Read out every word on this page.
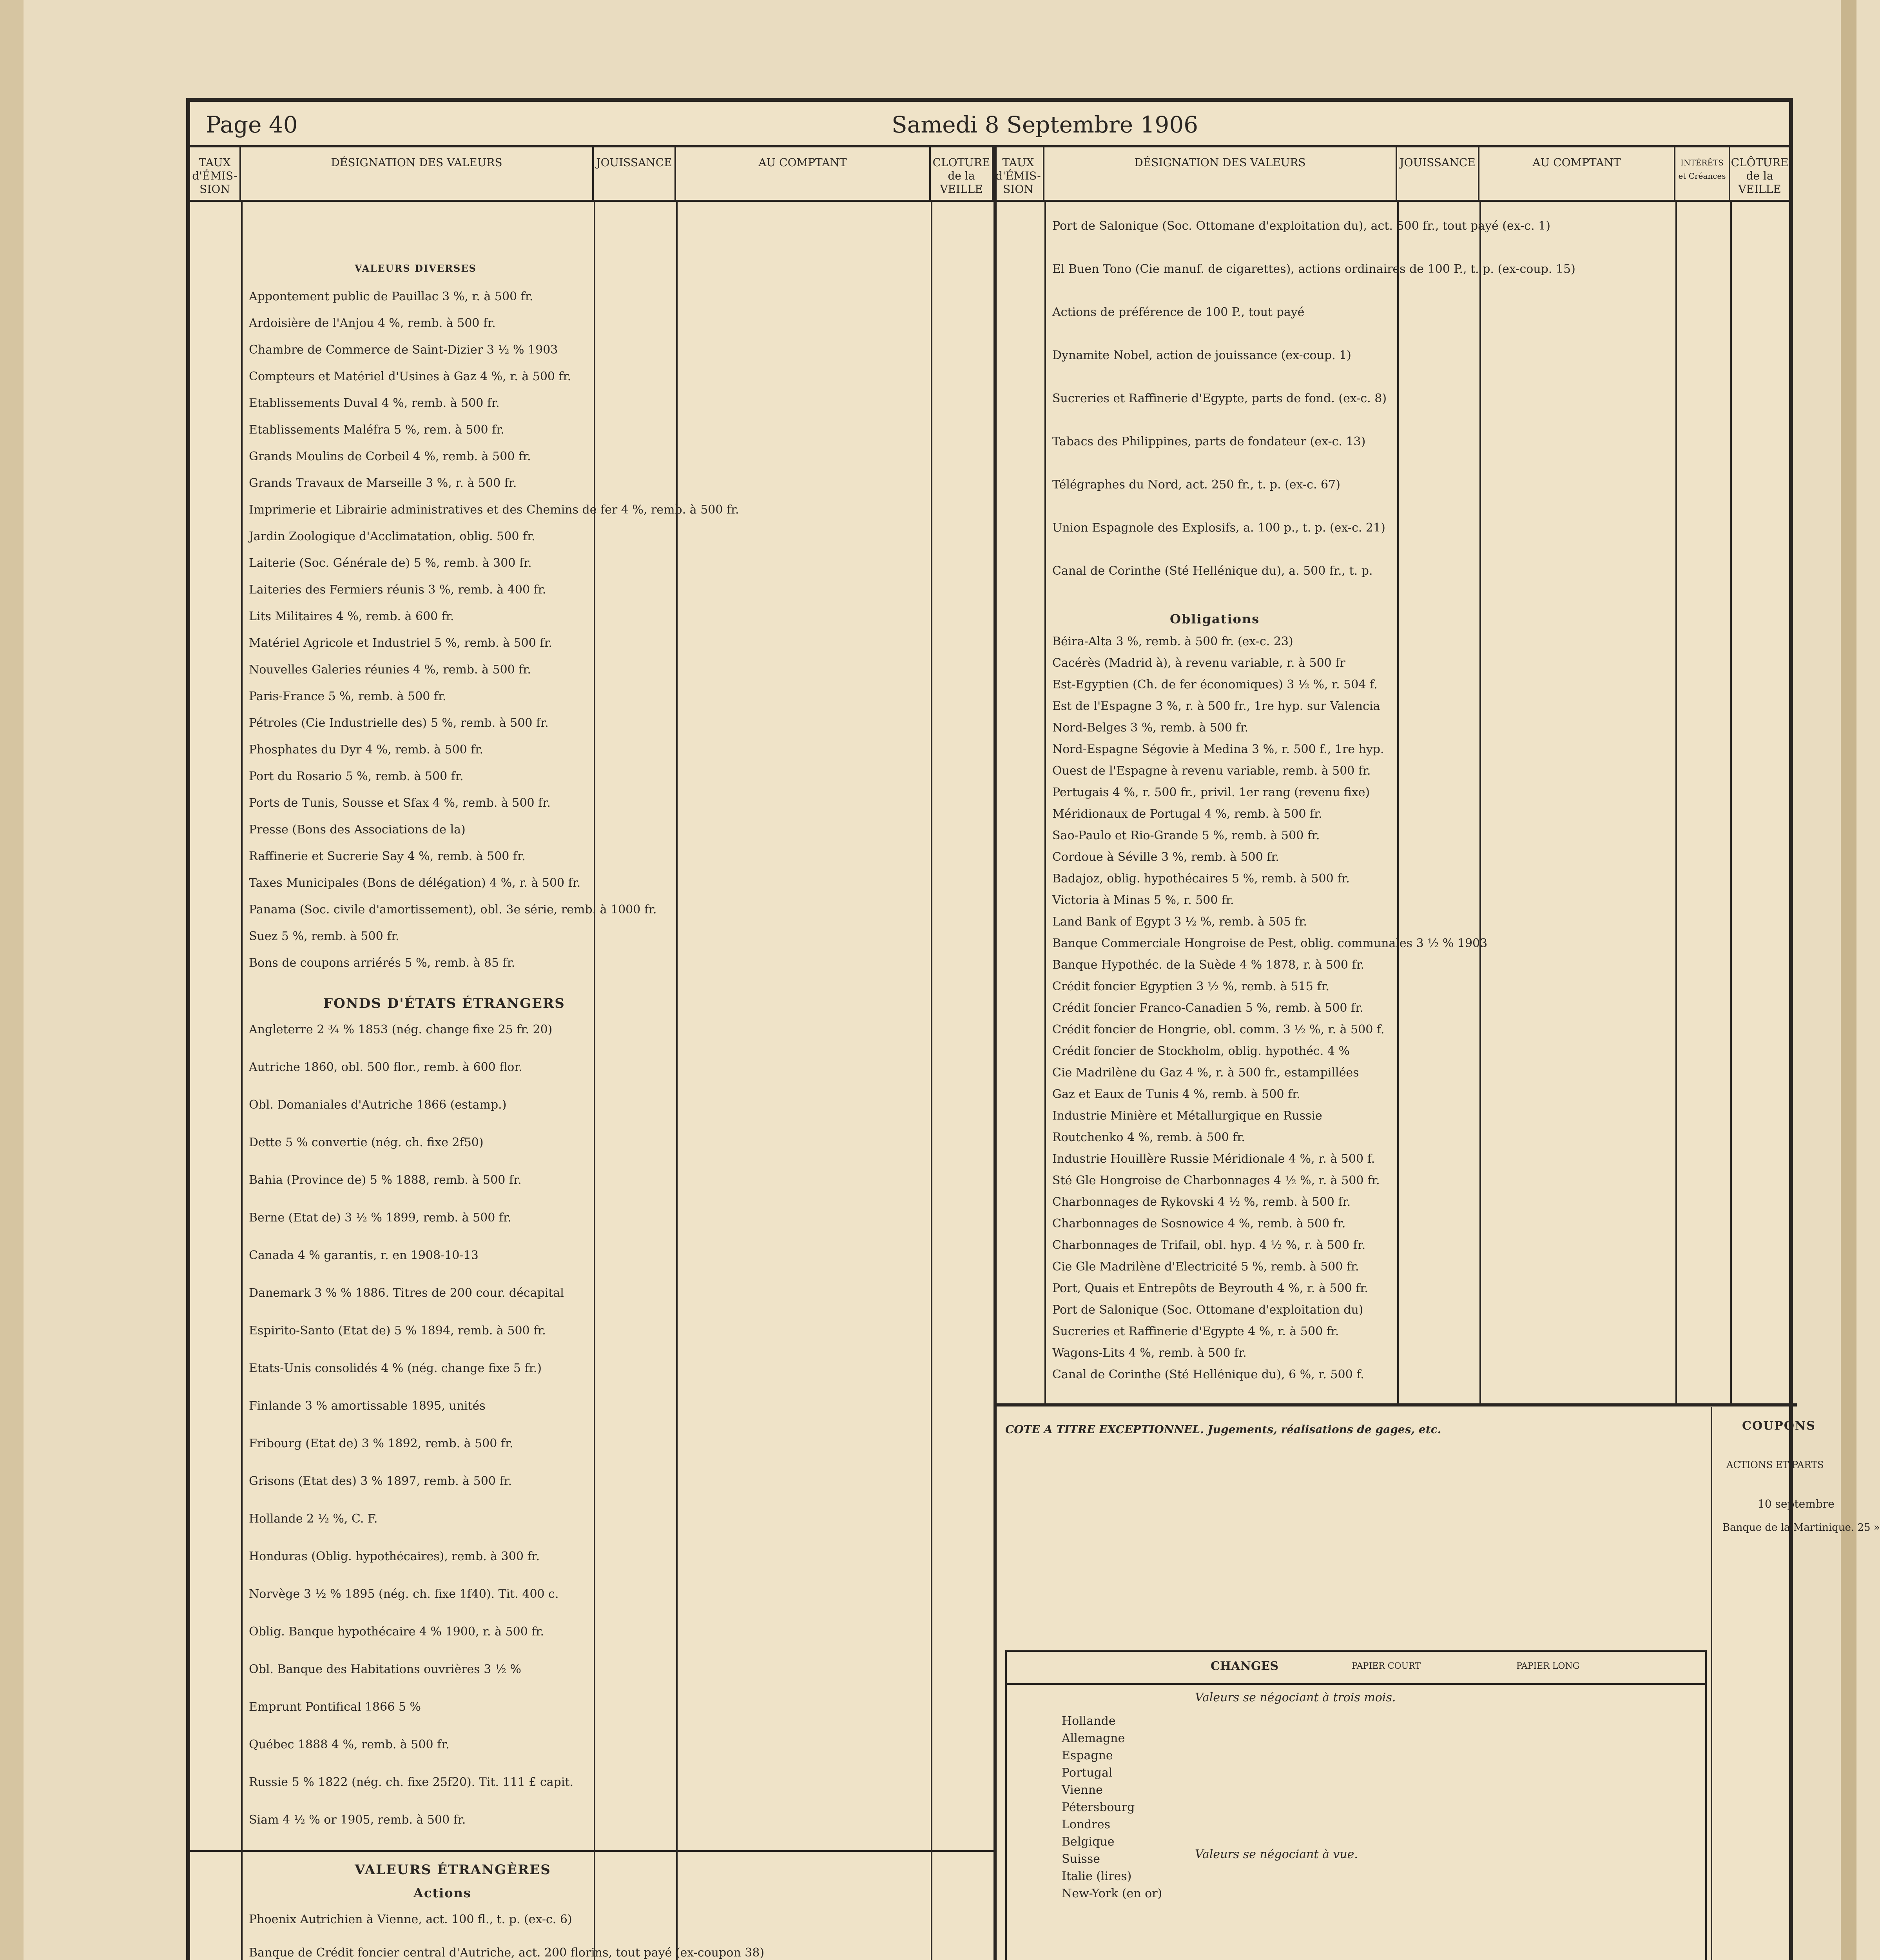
Page 40	Samedi 8 Septembre 1906
TAUX d'ÉMIS-SION
DÉSIGNATION DES VALEURS	JOUISSANCE	AU COMPTANT	CLOTURE de la VEILLE
TAUX d'ÉMIS-SION
DÉSIGNATION DES VALEURS	JOUISSANCE	AU COMPTANT	INTÉRÊTS et Créances
CLÔTURE de la VEILLE
VALEURS DIVERSES
Appontement public de Pauillac 3 %, r. à 500 fr.
Ardoisière de l'Anjou 4 %, remb. à 500 fr.
Chambre de Commerce de Saint-Dizier 3 ½ % 1903
Compteurs et Matériel d'Usines à Gaz 4 %, r. à 500 fr.
Etablissements Duval 4 %, remb. à 500 fr.
Etablissements Maléfra 5 %, rem. à 500 fr.
Grands Moulins de Corbeil 4 %, remb. à 500 fr.
Grands Travaux de Marseille 3 %, r. à 500 fr.
Imprimerie et Librairie administratives et des Chemins de fer 4 %, remb. à 500 fr.
Jardin Zoologique d'Acclimatation, oblig. 500 fr.
Laiterie (Soc. Générale de) 5 %, remb. à 300 fr.
Laiteries des Fermiers réunis 3 %, remb. à 400 fr.
Lits Militaires 4 %, remb. à 600 fr.
Matériel Agricole et Industriel 5 %, remb. à 500 fr.
Nouvelles Galeries réunies 4 %, remb. à 500 fr.
Paris-France 5 %, remb. à 500 fr.
Pétroles (Cie Industrielle des) 5 %, remb. à 500 fr.
Phosphates du Dyr 4 %, remb. à 500 fr.
Port du Rosario 5 %, remb. à 500 fr.
Ports de Tunis, Sousse et Sfax 4 %, remb. à 500 fr.
Presse (Bons des Associations de la)
Raffinerie et Sucrerie Say 4 %, remb. à 500 fr.
Taxes Municipales (Bons de délégation) 4 %, r. à 500 fr.
Panama (Soc. civile d'amortissement), obl. 3e série, remb. à 1000 fr.
Suez 5 %, remb. à 500 fr.
Bons de coupons arriérés 5 %, remb. à 85 fr.
FONDS D'ÉTATS ÉTRANGERS
Angleterre 2 ¾ % 1853 (nég. change fixe 25 fr. 20)
Autriche 1860, obl. 500 flor., remb. à 600 flor.
Obl. Domaniales d'Autriche 1866 (estamp.)
Dette 5 % convertie (nég. ch. fixe 2f50)
Bahia (Province de) 5 % 1888, remb. à 500 fr.
Berne (Etat de) 3 ½ % 1899, remb. à 500 fr.
Canada 4 % garantis, r. en 1908-10-13
Danemark 3 % % 1886. Titres de 200 cour. décapital
Espirito-Santo (Etat de) 5 % 1894, remb. à 500 fr.
Etats-Unis consolidés 4 % (nég. change fixe 5 fr.)
Finlande 3 % amortissable 1895, unités
Fribourg (Etat de) 3 % 1892, remb. à 500 fr.
Grisons (Etat des) 3 % 1897, remb. à 500 fr.
Hollande 2 ½ %, C. F.
Honduras (Oblig. hypothécaires), remb. à 300 fr.
Norvège 3 ½ % 1895 (nég. ch. fixe 1f40). Tit. 400 c.
Oblig. Banque hypothécaire 4 % 1900, r. à 500 fr.
Obl. Banque des Habitations ouvrières 3 ½ %
Emprunt Pontifical 1866 5 %
Québec 1888 4 %, remb. à 500 fr.
Russie 5 % 1822 (nég. ch. fixe 25f20). Tit. 111 £ capit.
Siam 4 ½ % or 1905, remb. à 500 fr.
VALEURS ÉTRANGÈRES
Actions
Phoenix Autrichien à Vienne, act. 100 fl., t. p. (ex-c. 6)
Banque de Crédit foncier central d'Autriche, act. 200 florins, tout payé (ex-coupon 38)
Port de Salonique (Soc. Ottomane d'exploitation du), act. 500 fr., tout payé (ex-c. 1)
El Buen Tono (Cie manuf. de cigarettes), actions ordinaires de 100 P., t. p. (ex-coup. 15)
Actions de préférence de 100 P., tout payé
Dynamite Nobel, action de jouissance (ex-coup. 1)
Sucreries et Raffinerie d'Egypte, parts de fond. (ex-c. 8)
Tabacs des Philippines, parts de fondateur (ex-c. 13)
Télégraphes du Nord, act. 250 fr., t. p. (ex-c. 67)
Union Espagnole des Explosifs, a. 100 p., t. p. (ex-c. 21)
Canal de Corinthe (Sté Hellénique du), a. 500 fr., t. p.
Obligations
Béira-Alta 3 %, remb. à 500 fr. (ex-c. 23)
Cacérès (Madrid à), à revenu variable, r. à 500 fr
Est-Egyptien (Ch. de fer économiques) 3 ½ %, r. 504 f.
Est de l'Espagne 3 %, r. à 500 fr., 1re hyp. sur Valencia
Nord-Belges 3 %, remb. à 500 fr.
Nord-Espagne Ségovie à Medina 3 %, r. 500 f., 1re hyp.
Ouest de l'Espagne à revenu variable, remb. à 500 fr.
Pertugais 4 %, r. 500 fr., privil. 1er rang (revenu fixe)
Méridionaux de Portugal 4 %, remb. à 500 fr.
Sao-Paulo et Rio-Grande 5 %, remb. à 500 fr.
Cordoue à Séville 3 %, remb. à 500 fr.
Badajoz, oblig. hypothécaires 5 %, remb. à 500 fr.
Victoria à Minas 5 %, r. 500 fr.
Land Bank of Egypt 3 ½ %, remb. à 505 fr.
Banque Commerciale Hongroise de Pest, oblig. communales 3 ½ % 1903
Banque Hypothéc. de la Suède 4 % 1878, r. à 500 fr.
Crédit foncier Egyptien 3 ½ %, remb. à 515 fr.
Crédit foncier Franco-Canadien 5 %, remb. à 500 fr.
Crédit foncier de Hongrie, obl. comm. 3 ½ %, r. à 500 f.
Crédit foncier de Stockholm, oblig. hypothéc. 4 %
Cie Madrilène du Gaz 4 %, r. à 500 fr., estampillées
Gaz et Eaux de Tunis 4 %, remb. à 500 fr.
Industrie Minière et Métallurgique en Russie
Routchenko 4 %, remb. à 500 fr.
Industrie Houillère Russie Méridionale 4 %, r. à 500 f.
Sté Gle Hongroise de Charbonnages 4 ½ %, r. à 500 fr.
Charbonnages de Rykovski 4 ½ %, remb. à 500 fr.
Charbonnages de Sosnowice 4 %, remb. à 500 fr.
Charbonnages de Trifail, obl. hyp. 4 ½ %, r. à 500 fr.
Cie Gle Madrilène d'Electricité 5 %, remb. à 500 fr.
Port, Quais et Entrepôts de Beyrouth 4 %, r. à 500 fr.
Port de Salonique (Soc. Ottomane d'exploitation du)
Sucreries et Raffinerie d'Egypte 4 %, r. à 500 fr.
Wagons-Lits 4 %, remb. à 500 fr.
Canal de Corinthe (Sté Hellénique du), 6 %, r. 500 f.
COTE A TITRE EXCEPTIONNEL. Jugements, réalisations de gages, etc.	COUPONS
ACTIONS ET PARTS
10 septembre
Banque de la Martinique. 25 »
CHANGES	PAPIER COURT	PAPIER LONG
Valeurs se négociant à trois mois.
Hollande
Allemagne
Espagne
Portugal
Vienne
Pétersbourg
Londres
Belgique
Suisse
Italie (lires)
New-York (en or)
Valeurs se négociant à vue.
